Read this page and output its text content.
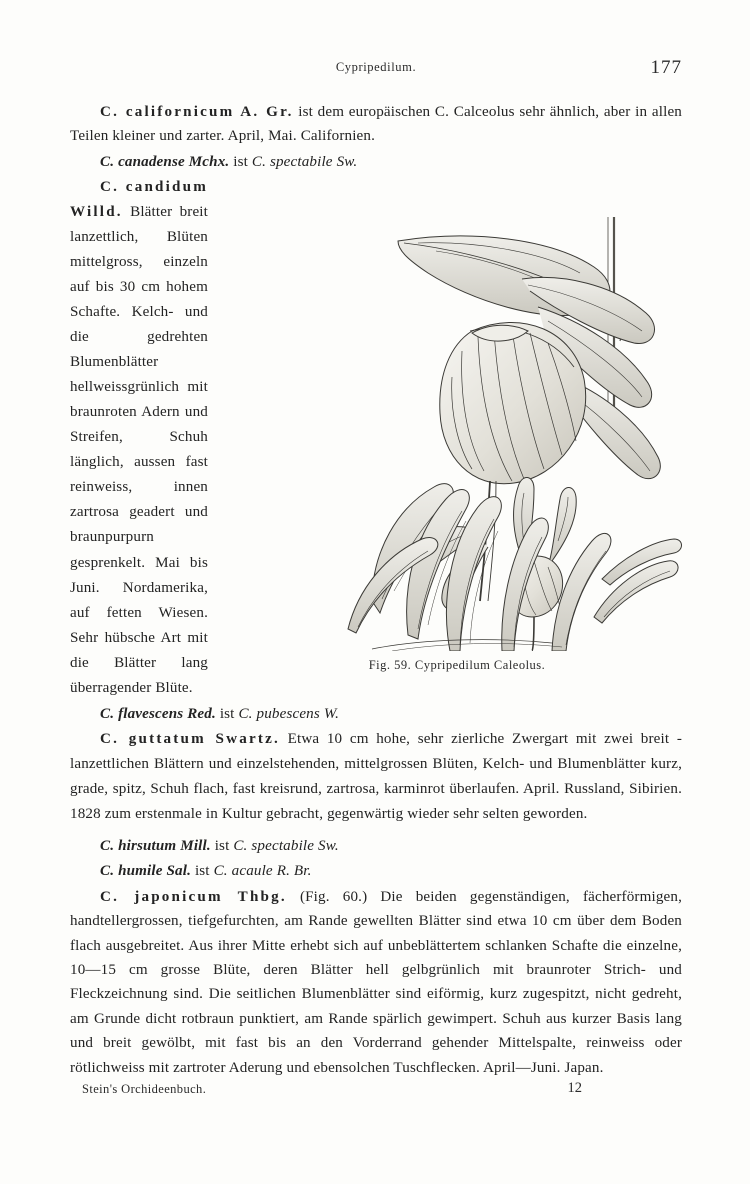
Cypripedilum.	177

C. californicum A. Gr. ist dem europäischen C. Calceolus sehr ähnlich, aber in allen Teilen kleiner und zarter. April, Mai. Californien.

C. canadense Mchx. ist C. spectabile Sw.

Fig. 59. Cypripedilum Caleolus.

C. candidum Willd. Blätter breit lanzettlich, Blüten mittelgross, einzeln auf bis 30 cm hohem Schafte. Kelch- und die gedrehten Blumenblätter hellweissgrünlich mit braunroten Adern und Streifen, Schuh länglich, aussen fast reinweiss, innen zartrosa geadert und braunpurpurn gesprenkelt. Mai bis Juni. Nordamerika, auf fetten Wiesen. Sehr hübsche Art mit die Blätter lang überragender Blüte.

C. flavescens Red. ist C. pubescens W.

C. guttatum Swartz. Etwa 10 cm hohe, sehr zierliche Zwergart mit zwei breit - lanzettlichen Blättern und einzelstehenden, mittelgrossen Blüten, Kelch- und Blumenblätter kurz, grade, spitz, Schuh flach, fast kreisrund, zartrosa, karminrot überlaufen. April. Russland, Sibirien. 1828 zum erstenmale in Kultur gebracht, gegenwärtig wieder sehr selten geworden.

C. hirsutum Mill. ist C. spectabile Sw.

C. humile Sal. ist C. acaule R. Br.

C. japonicum Thbg. (Fig. 60.) Die beiden gegenständigen, fächerförmigen, handtellergrossen, tiefgefurchten, am Rande gewellten Blätter sind etwa 10 cm über dem Boden flach ausgebreitet. Aus ihrer Mitte erhebt sich auf unbeblättertem schlanken Schafte die einzelne, 10—15 cm grosse Blüte, deren Blätter hell gelbgrünlich mit braunroter Strich- und Fleckzeichnung sind. Die seitlichen Blumenblätter sind eiförmig, kurz zugespitzt, nicht gedreht, am Grunde dicht rotbraun punktiert, am Rande spärlich gewimpert. Schuh aus kurzer Basis lang und breit gewölbt, mit fast bis an den Vorderrand gehender Mittelspalte, reinweiss oder rötlichweiss mit zartroter Aderung und ebensolchen Tuschflecken. April—Juni. Japan.

Stein's Orchideenbuch.	12
